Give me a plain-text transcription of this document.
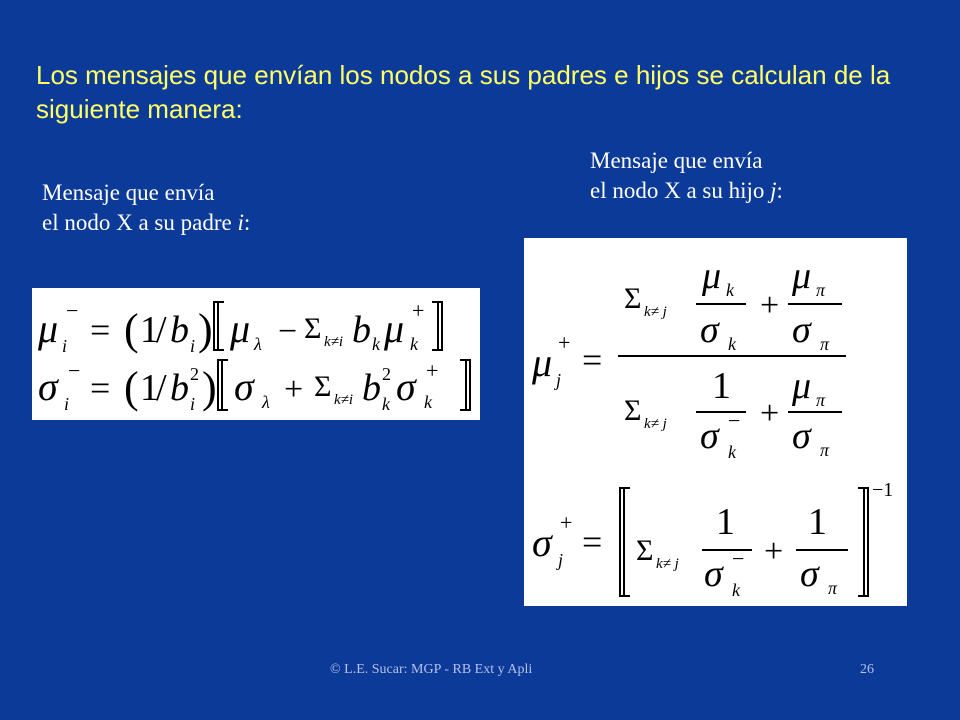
Los mensajes que envían los nodos a sus padres e hijos se calculan de la siguiente manera:
Mensaje que envía
el nodo X a su padre i:
Mensaje que envía
el nodo X a su hijo j:
μ i
− = ( 1
/ b i ) μ λ − Σ k≠i b k μ k
+
σ i
− = ( 1
/ b i
2 ) σ λ + Σ k≠i b k
2 σ k
+ μ j
+ =
Σ k≠ j
μ k
σ k
+
μ π
σ π
Σ k≠ j
1
σ k
− +
μ π
σ π
σ j
+ = Σ k≠ j
1
σ k
− +
1
σ π
−1
© L.E. Sucar: MGP - RB Ext y Apli	26
